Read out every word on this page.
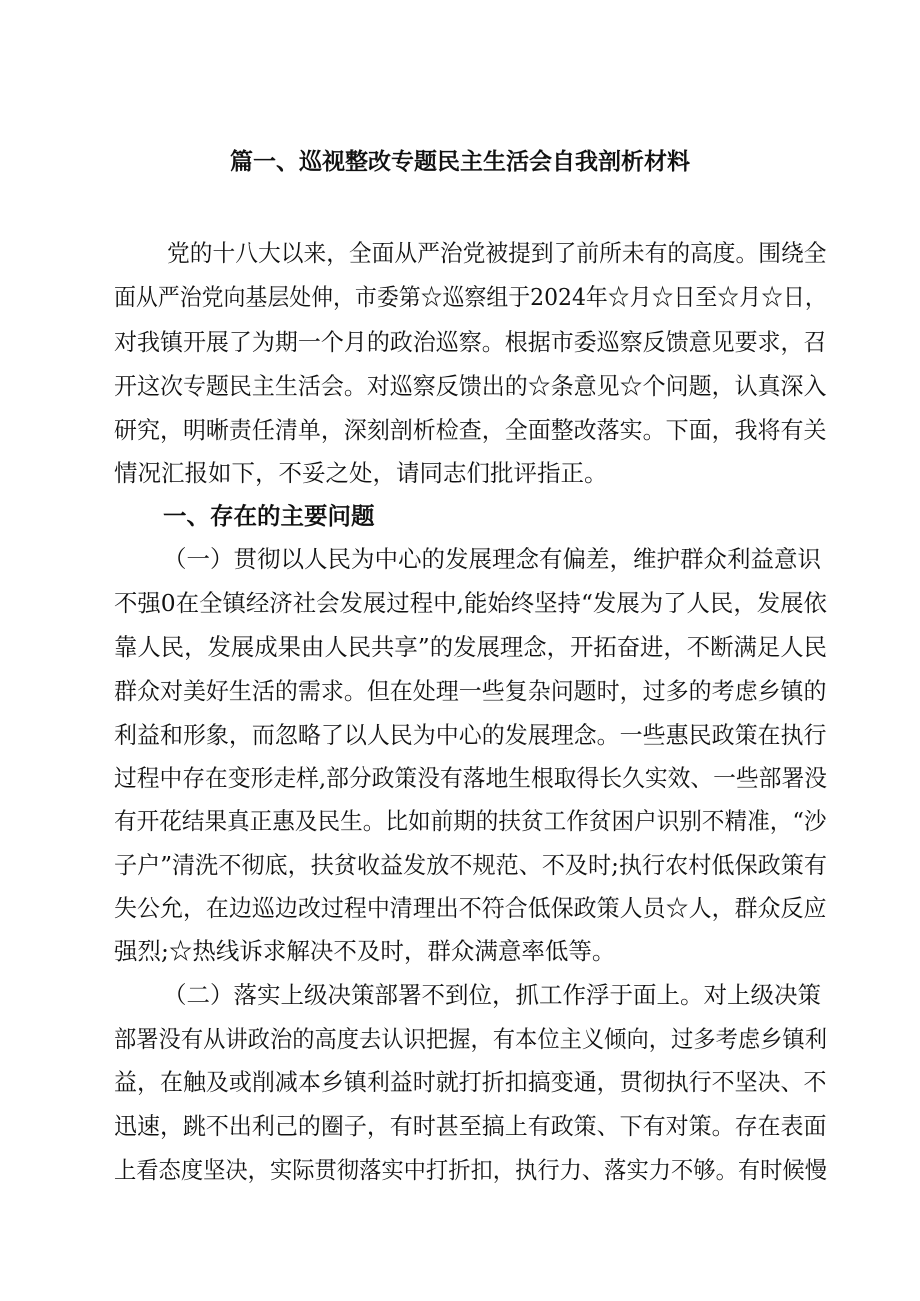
篇一、巡视整改专题民主生活会自我剖析材料
党的十八大以来，全面从严治党被提到了前所未有的高度。围绕全
面从严治党向基层处伸，市委第☆巡察组于2024年☆月☆日至☆月☆日，
对我镇开展了为期一个月的政治巡察。根据市委巡察反馈意见要求，召
开这次专题民主生活会。对巡察反馈出的☆条意见☆个问题，认真深入
研究，明晰责任清单，深刻剖析检查，全面整改落实。下面，我将有关
情况汇报如下，不妥之处，请同志们批评指正。
一、存在的主要问题
（一）贯彻以人民为中心的发展理念有偏差，维护群众利益意识
不强0在全镇经济社会发展过程中,能始终坚持“发展为了人民，发展依
靠人民，发展成果由人民共享”的发展理念，开拓奋进，不断满足人民
群众对美好生活的需求。但在处理一些复杂问题时，过多的考虑乡镇的
利益和形象，而忽略了以人民为中心的发展理念。一些惠民政策在执行
过程中存在变形走样,部分政策没有落地生根取得长久实效、一些部署没
有开花结果真正惠及民生。比如前期的扶贫工作贫困户识别不精准，“沙
子户”清洗不彻底，扶贫收益发放不规范、不及时;执行农村低保政策有
失公允，在边巡边改过程中清理出不符合低保政策人员☆人，群众反应
强烈;☆热线诉求解决不及时，群众满意率低等。
（二）落实上级决策部署不到位，抓工作浮于面上。对上级决策
部署没有从讲政治的高度去认识把握，有本位主义倾向，过多考虑乡镇利
益，在触及或削减本乡镇利益时就打折扣搞变通，贯彻执行不坚决、不
迅速，跳不出利己的圈子，有时甚至搞上有政策、下有对策。存在表面
上看态度坚决，实际贯彻落实中打折扣，执行力、落实力不够。有时候慢
